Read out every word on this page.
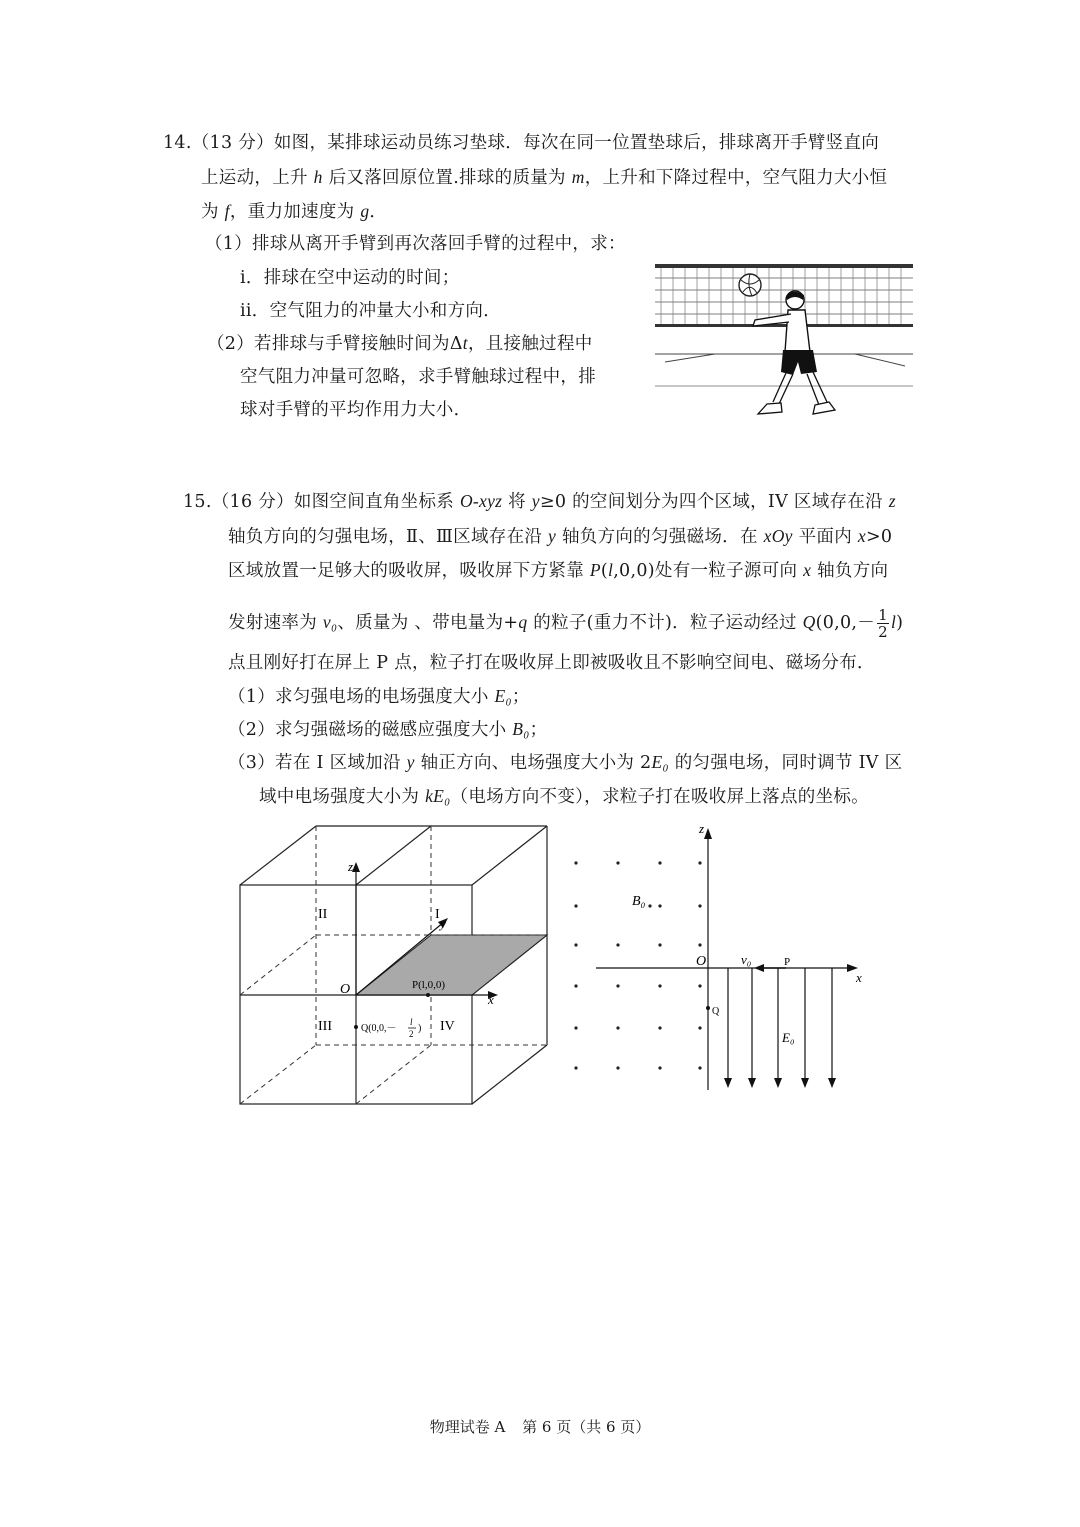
14.（13 分）如图，某排球运动员练习垫球．每次在同一位置垫球后，排球离开手臂竖直向
上运动，上升 h 后又落回原位置.排球的质量为 m，上升和下降过程中，空气阻力大小恒
为 f，重力加速度为 g．
（1）排球从离开手臂到再次落回手臂的过程中，求：
i．排球在空中运动的时间；
ii．空气阻力的冲量大小和方向．
（2）若排球与手臂接触时间为Δt，且接触过程中
空气阻力冲量可忽略，求手臂触球过程中，排
球对手臂的平均作用力大小．
15.（16 分）如图空间直角坐标系 O-xyz 将 y≥0 的空间划分为四个区域，IV 区域存在沿 z
轴负方向的匀强电场，Ⅱ、Ⅲ区域存在沿 y 轴负方向的匀强磁场．在 xOy 平面内 x>0
区域放置一足够大的吸收屏，吸收屏下方紧靠 P(l,0,0)处有一粒子源可向 x 轴负方向
发射速率为 v₀、质量为 、带电量为+q 的粒子(重力不计)．粒子运动经过 $Q(0,0,- \frac{1}{2} l)$
点且刚好打在屏上 P 点，粒子打在吸收屏上即被吸收且不影响空间电、磁场分布．
（1）求匀强电场的电场强度大小 E₀；
（2）求匀强磁场的磁感应强度大小 B₀；
（3）若在 I 区域加沿 y 轴正方向、电场强度大小为 2E₀ 的匀强电场，同时调节 IV 区
域中电场强度大小为 kE₀（电场方向不变），求粒子打在吸收屏上落点的坐标。
z
y
x
O
II	I
III	IV
P(l,0,0)
Q(0,0,－
l
2 )
z
x
O
B₀
v₀	P
Q
E₀
物理试卷 A 第 6 页（共 6 页）
